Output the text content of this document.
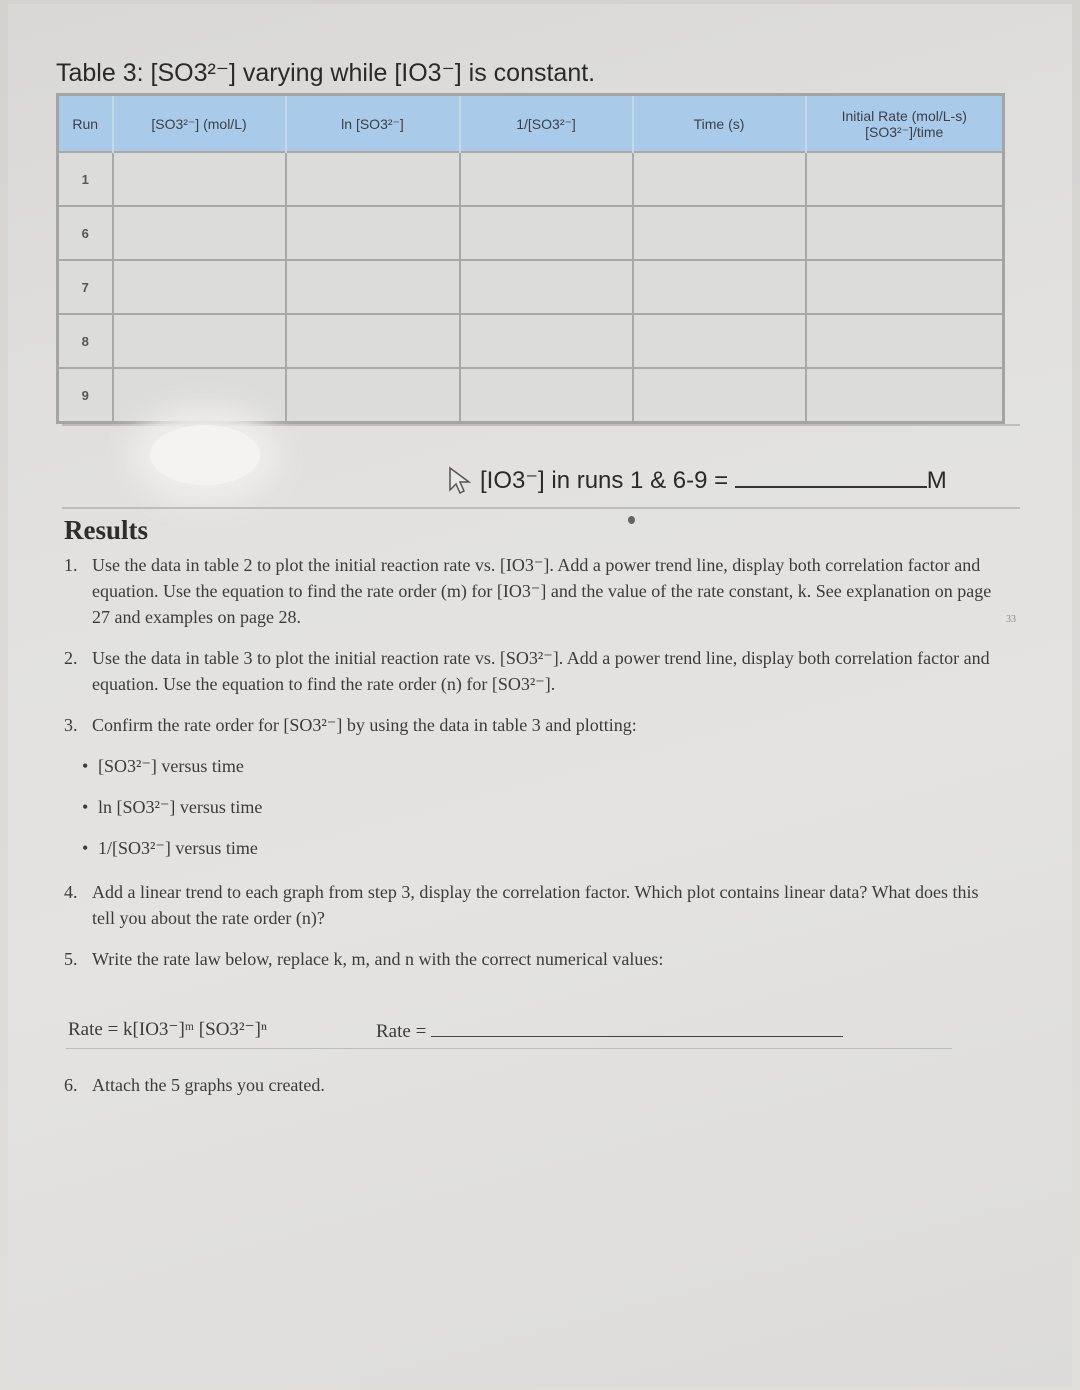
Table 3: [SO3²⁻] varying while [IO3⁻] is constant.
Run	[SO3²⁻] (mol/L)	ln [SO3²⁻]	1/[SO3²⁻]	Time (s)	Initial Rate (mol/L-s)
[SO3²⁻]/time
1					
6					
7					
8					
9					
[IO3⁻] in runs 1 & 6-9 =	M
Results
1. Use the data in table 2 to plot the initial reaction rate vs. [IO3⁻]. Add a power trend line, display both correlation factor and equation. Use the equation to find the rate order (m) for [IO3⁻] and the value of the rate constant, k. See explanation on page 27 and examples on page 28.
2. Use the data in table 3 to plot the initial reaction rate vs. [SO3²⁻]. Add a power trend line, display both correlation factor and equation. Use the equation to find the rate order (n) for [SO3²⁻].
3. Confirm the rate order for [SO3²⁻] by using the data in table 3 and plotting:
• [SO3²⁻] versus time
• ln [SO3²⁻] versus time
• 1/[SO3²⁻] versus time
4. Add a linear trend to each graph from step 3, display the correlation factor. Which plot contains linear data? What does this tell you about the rate order (n)?
5. Write the rate law below, replace k, m, and n with the correct numerical values:
Rate = k[IO3⁻]ᵐ [SO3²⁻]ⁿ	Rate =
6. Attach the 5 graphs you created.
33
